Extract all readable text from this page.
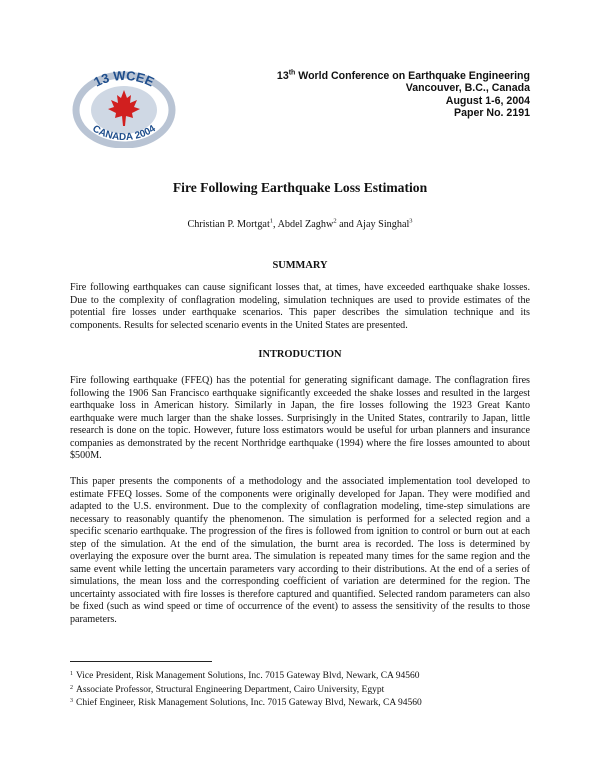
13 WCEE
CANADA 2004
13th World Conference on Earthquake Engineering
Vancouver, B.C., Canada
August 1-6, 2004
Paper No. 2191
Fire Following Earthquake Loss Estimation
Christian P. Mortgat$^1$, Abdel Zaghw$^2$ and Ajay Singhal$^3$
SUMMARY

Fire following earthquakes can cause significant losses that, at times, have exceeded earthquake shake losses. Due to the complexity of conflagration modeling, simulation techniques are used to provide estimates of the potential fire losses under earthquake scenarios. This paper describes the simulation technique and its components. Results for selected scenario events in the United States are presented.

INTRODUCTION

Fire following earthquake (FFEQ) has the potential for generating significant damage. The conflagration fires following the 1906 San Francisco earthquake significantly exceeded the shake losses and resulted in the largest earthquake loss in American history. Similarly in Japan, the fire losses following the 1923 Great Kanto earthquake were much larger than the shake losses. Surprisingly in the United States, contrarily to Japan, little research is done on the topic. However, future loss estimators would be useful for urban planners and insurance companies as demonstrated by the recent Northridge earthquake (1994) where the fire losses amounted to about $500M.

This paper presents the components of a methodology and the associated implementation tool developed to estimate FFEQ losses. Some of the components were originally developed for Japan. They were modified and adapted to the U.S. environment. Due to the complexity of conflagration modeling, time-step simulations are necessary to reasonably quantify the phenomenon. The simulation is performed for a selected region and a specific scenario earthquake. The progression of the fires is followed from ignition to control or burn out at each step of the simulation. At the end of the simulation, the burnt area is recorded. The loss is determined by overlaying the exposure over the burnt area. The simulation is repeated many times for the same region and the same event while letting the uncertain parameters vary according to their distributions. At the end of a series of simulations, the mean loss and the corresponding coefficient of variation are determined for the region. The uncertainty associated with fire losses is therefore captured and quantified. Selected random parameters can also be fixed (such as wind speed or time of occurrence of the event) to assess the sensitivity of the results to those parameters.

$^1$ Vice President, Risk Management Solutions, Inc. 7015 Gateway Blvd, Newark, CA 94560
$^2$ Associate Professor, Structural Engineering Department, Cairo University, Egypt
$^3$ Chief Engineer, Risk Management Solutions, Inc. 7015 Gateway Blvd, Newark, CA 94560
